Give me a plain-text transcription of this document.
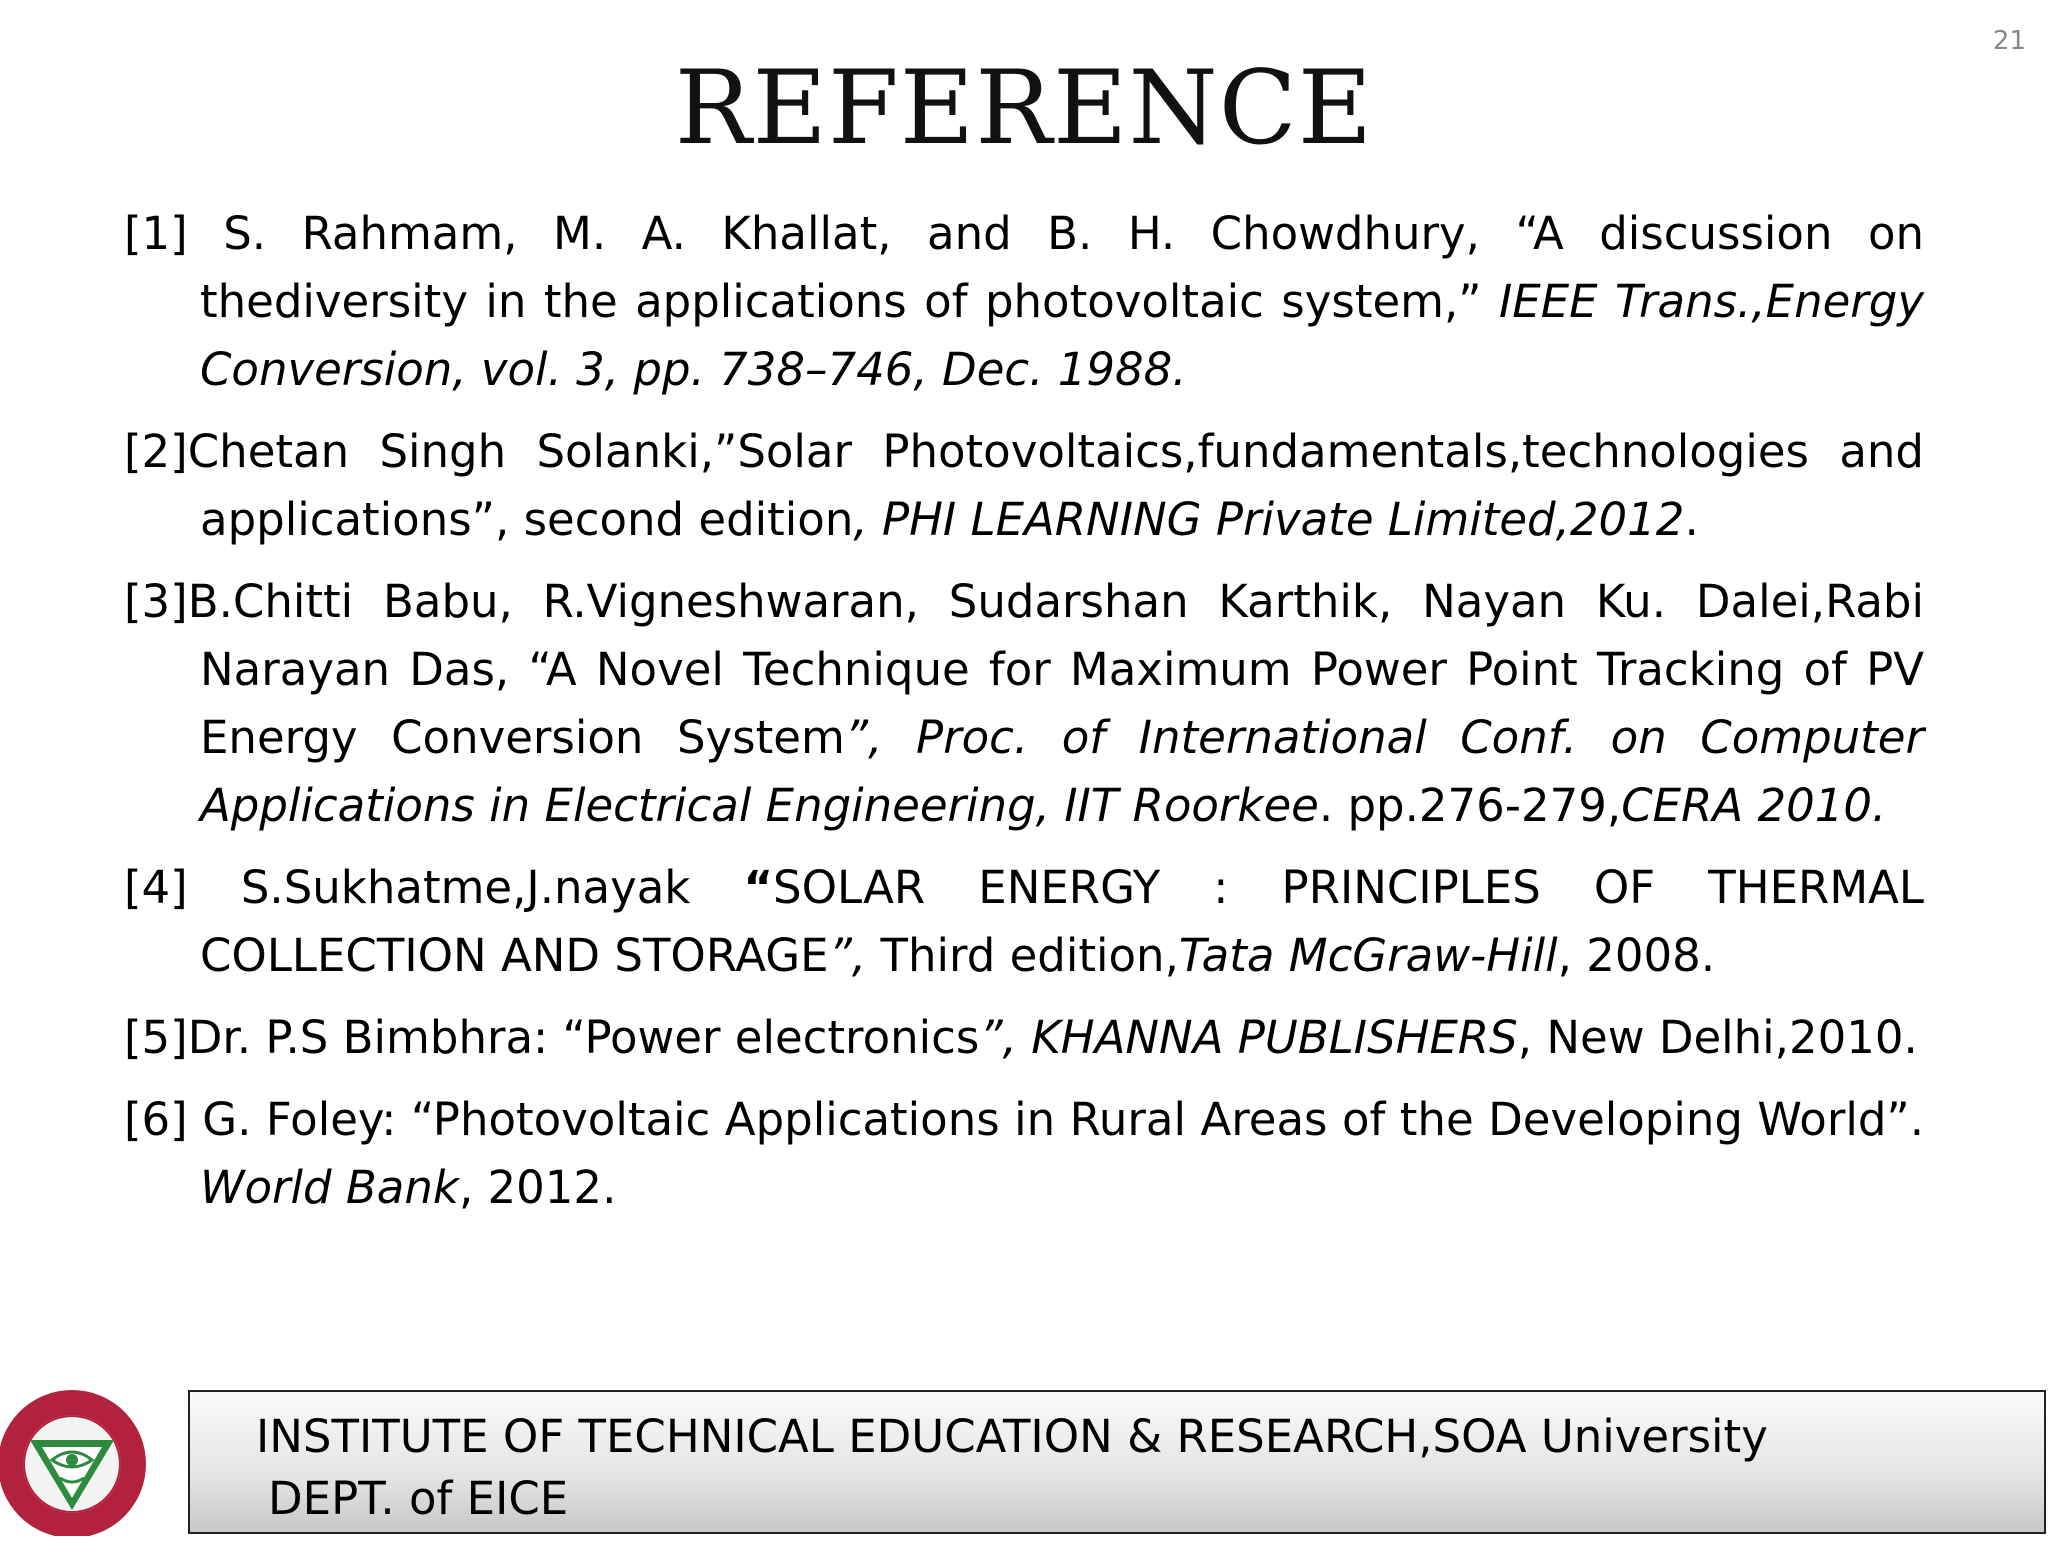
21
REFERENCE
[1] S. Rahmam, M. A. Khallat, and B. H. Chowdhury, “A discussion on thediversity in the applications of photovoltaic system,” IEEE Trans.,Energy Conversion, vol. 3, pp. 738–746, Dec. 1988.
[2]Chetan Singh Solanki,”Solar Photovoltaics,fundamentals,technologies and applications”, second edition, PHI LEARNING Private Limited,2012.
[3]B.Chitti Babu, R.Vigneshwaran, Sudarshan Karthik, Nayan Ku. Dalei,Rabi Narayan Das, “A Novel Technique for Maximum Power Point Tracking of PV Energy Conversion System”, Proc. of International Conf. on Computer Applications in Electrical Engineering, IIT Roorkee. pp.276-279,CERA 2010.
[4] S.Sukhatme,J.nayak “SOLAR ENERGY : PRINCIPLES OF THERMAL COLLECTION AND STORAGE”, Third edition,Tata McGraw-Hill, 2008.
[5]Dr. P.S Bimbhra: “Power electronics”, KHANNA PUBLISHERS, New Delhi,2010.
[6] G. Foley: “Photovoltaic Applications in Rural Areas of the Developing World”. World Bank, 2012.
INSTITUTE OF TECHNICAL EDUCATION & RESEARCH,SOA University
DEPT. of EICE
